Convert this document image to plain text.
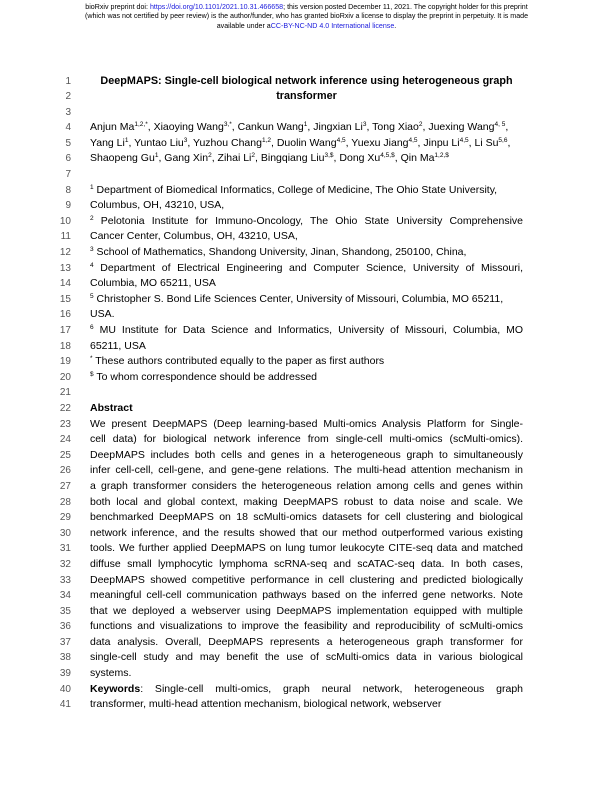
bioRxiv preprint doi: https://doi.org/10.1101/2021.10.31.466658; this version posted December 11, 2021. The copyright holder for this preprint
(which was not certified by peer review) is the author/funder, who has granted bioRxiv a license to display the preprint in perpetuity. It is made
available under aCC-BY-NC-ND 4.0 International license.
1	DeepMAPS: Single-cell biological network inference using heterogeneous graph
2	transformer
3
4 Anjun $Ma^{1,2,*}$, Xiaoying Wang$^{3,*}$, Cankun Wang$^1$, Jingxian Li$^3$, Tong Xiao$^2$, Juexing Wang$^{4, 5}$,
5 Yang Li$^1$, Yuntao Liu$^3$, Yuzhou Chang$^{1,2}$, Duolin Wang$^{4,5}$, Yuexu Jiang$^{4,5}$, Jinpu Li$^{4,5}$, Li Su$^{5,6}$,
6 Shaopeng Gu$^1$, Gang Xin$^2$, Zihai Li$^2$, Bingqiang Liu$^{3,\$}$, Dong $Xu^{4,5,\$}$, Qin $Ma^{1,2,\$}$
7
8	$^1$ Department of Biomedical Informatics, College of Medicine, The Ohio State University,
9 Columbus, OH, 43210, USA,
10	$^2$ Pelotonia Institute for Immuno-Oncology, The Ohio State University Comprehensive
11 Cancer Center, Columbus, OH, 43210, USA,
12	$^3$ School of Mathematics, Shandong University, Jinan, Shandong, 250100, China,
13	$^4$ Department of Electrical Engineering and Computer Science, University of Missouri,
14 Columbia, MO 65211, USA
15	$^5$ Christopher S. Bond Life Sciences Center, University of Missouri, Columbia, MO 65211,
16 USA.
17	$^6$ MU Institute for Data Science and Informatics, University of Missouri, Columbia, MO
18 65211, USA
19	* These authors contributed equally to the paper as first authors
20	$ To whom correspondence should be addressed
21
22 Abstract
23 We present DeepMAPS (Deep learning-based Multi-omics Analysis Platform for Single-
24 cell data) for biological network inference from single-cell multi-omics (scMulti-omics).
25 DeepMAPS includes both cells and genes in a heterogeneous graph to simultaneously
26 infer cell-cell, cell-gene, and gene-gene relations. The multi-head attention mechanism in
27 a graph transformer considers the heterogeneous relation among cells and genes within
28 both local and global context, making DeepMAPS robust to data noise and scale. We
29 benchmarked DeepMAPS on 18 scMulti-omics datasets for cell clustering and biological
30 network inference, and the results showed that our method outperformed various existing
31 tools. We further applied DeepMAPS on lung tumor leukocyte CITE-seq data and matched
32 diffuse small lymphocytic lymphoma scRNA-seq and scATAC-seq data. In both cases,
33 DeepMAPS showed competitive performance in cell clustering and predicted biologically
34 meaningful cell-cell communication pathways based on the inferred gene networks. Note
35 that we deployed a webserver using DeepMAPS implementation equipped with multiple
36 functions and visualizations to improve the feasibility and reproducibility of scMulti-omics
37 data analysis. Overall, DeepMAPS represents a heterogeneous graph transformer for
38 single-cell study and may benefit the use of scMulti-omics data in various biological
39 systems.
40 Keywords: Single-cell multi-omics, graph neural network, heterogeneous graph
41 transformer, multi-head attention mechanism, biological network, webserver
